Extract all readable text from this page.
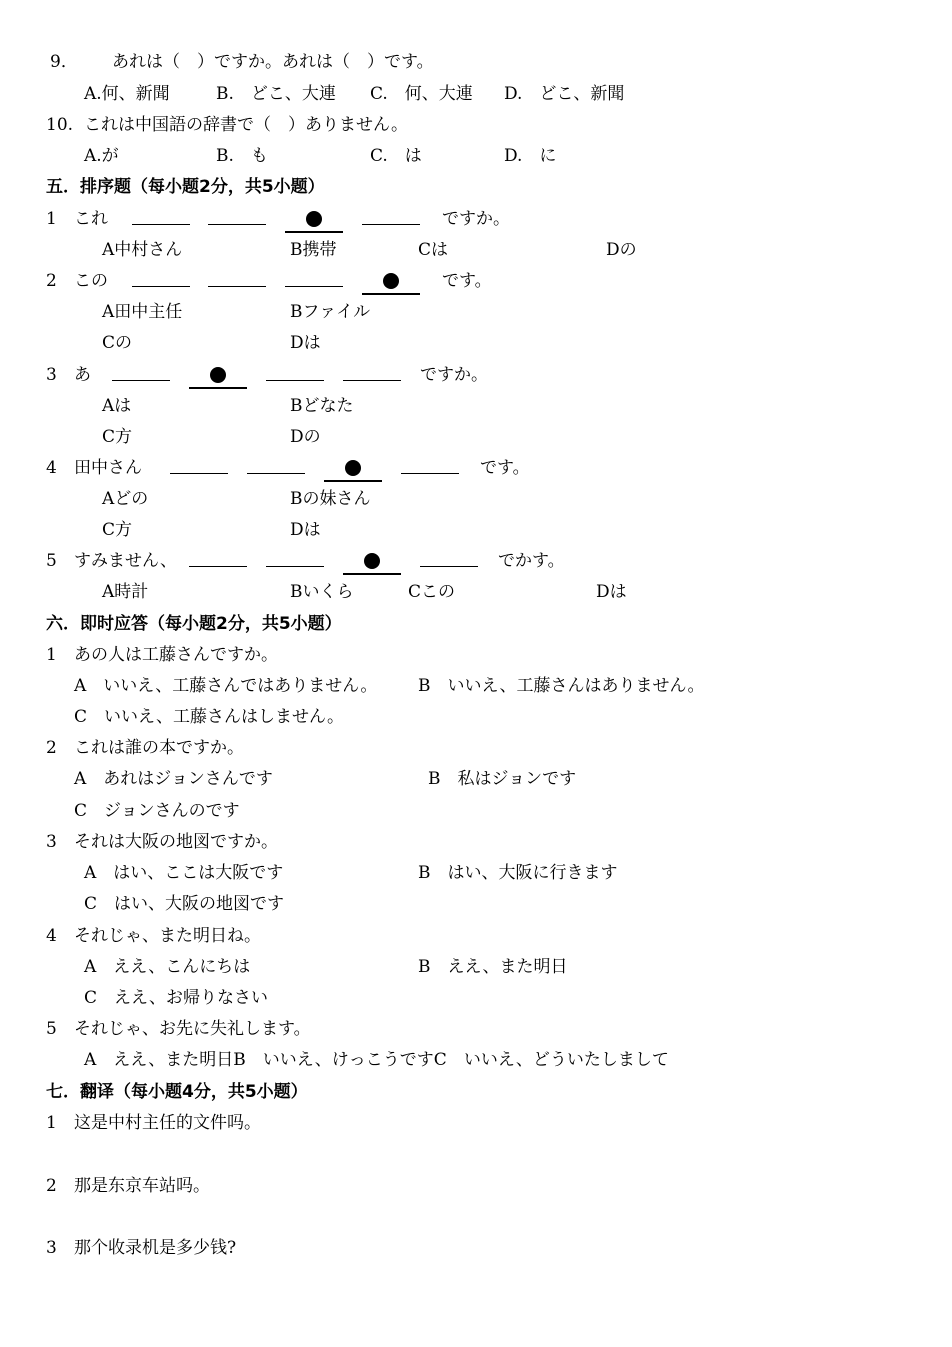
9． あれは（　）ですか。あれは（　）です。
A.何、新聞	B.　どこ、大連 C.　何、大連 D.　どこ、新聞
10. これは中国語の辞書で（　）ありません。
A.が	B.　も	C.　は	D.　に
五．排序题（每小题2分，共5小题）
1 これ	ですか。
A中村さん	B携帯	Cは	Dの
2 この	です。
A田中主任	Bファイル
Cの	Dは
3 あ	ですか。
Aは	Bどなた
C方	Dの
4 田中さん	です。
Aどの	Bの妹さん
C方	Dは
5 すみません、	でかす。
A時計	Bいくら	Cこの	Dは
六．即时应答（每小题2分，共5小题）
1 あの人は工藤さんですか。
A　いいえ、工藤さんではありません。 B　いいえ、工藤さんはありません。
C　いいえ、工藤さんはしません。
2 これは誰の本ですか。
A　あれはジョンさんです	B　私はジョンです
C　ジョンさんのです
3 それは大阪の地図ですか。
A　はい、ここは大阪です	B　はい、大阪に行きます
C　はい、大阪の地図です
4 それじゃ、また明日ね。
A　ええ、こんにちは	B　ええ、また明日
C　ええ、お帰りなさい
5 それじゃ、お先に失礼します。
A　ええ、また明日B　いいえ、けっこうですC　いいえ、どういたしまして
七．翻译（每小题4分，共5小题）
1 这是中村主任的文件吗。
2 那是东京车站吗。
3 那个收录机是多少钱?
